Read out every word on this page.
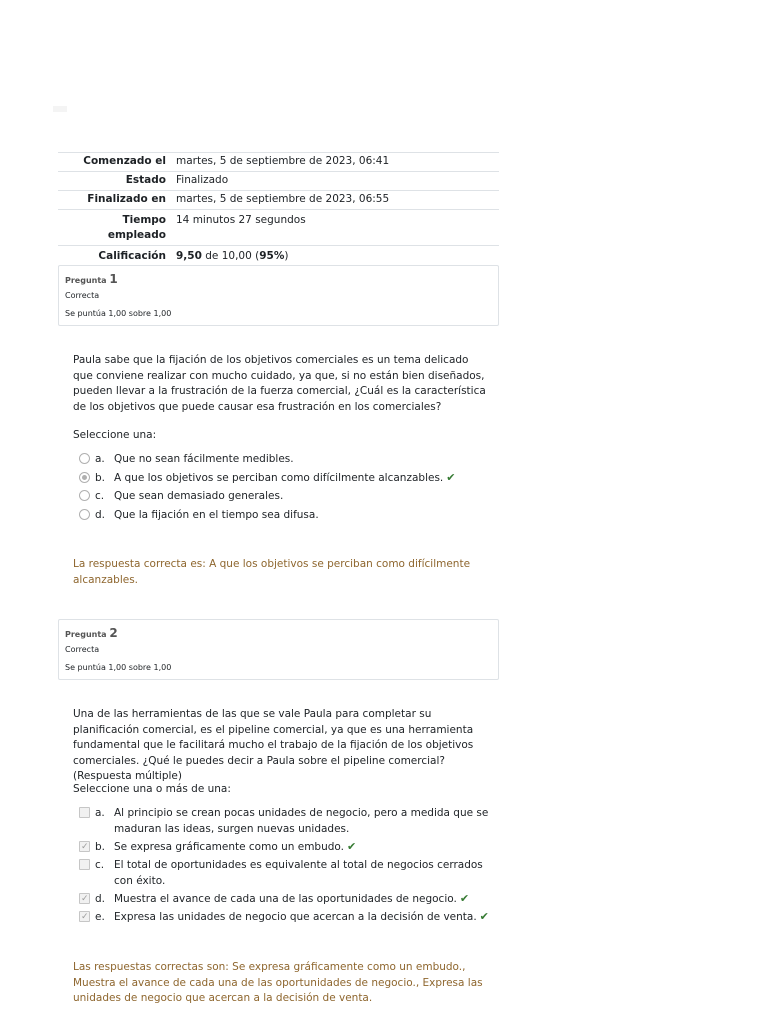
Comenzado el	martes, 5 de septiembre de 2023, 06:41
Estado	Finalizado
Finalizado en	martes, 5 de septiembre de 2023, 06:55
Tiempo empleado	14 minutos 27 segundos
Calificación	9,50 de 10,00 (95%)
Pregunta 1
Correcta
Se puntúa 1,00 sobre 1,00
Paula sabe que la fijación de los objetivos comerciales es un tema delicado que conviene realizar con mucho cuidado, ya que, si no están bien diseñados, pueden llevar a la frustración de la fuerza comercial, ¿Cuál es la característica de los objetivos que puede causar esa frustración en los comerciales?
Seleccione una:
a. Que no sean fácilmente medibles.
b. A que los objetivos se perciban como difícilmente alcanzables. ✔
c. Que sean demasiado generales.
d. Que la fijación en el tiempo sea difusa.
La respuesta correcta es: A que los objetivos se perciban como difícilmente alcanzables.
Pregunta 2
Correcta
Se puntúa 1,00 sobre 1,00
Una de las herramientas de las que se vale Paula para completar su planificación comercial, es el pipeline comercial, ya que es una herramienta fundamental que le facilitará mucho el trabajo de la fijación de los objetivos comerciales. ¿Qué le puedes decir a Paula sobre el pipeline comercial? (Respuesta múltiple)
Seleccione una o más de una:
a. Al principio se crean pocas unidades de negocio, pero a medida que se maduran las ideas, surgen nuevas unidades.
✓
b. Se expresa gráficamente como un embudo. ✔
c. El total de oportunidades es equivalente al total de negocios cerrados con éxito.
✓
d. Muestra el avance de cada una de las oportunidades de negocio. ✔
✓
e. Expresa las unidades de negocio que acercan a la decisión de venta. ✔
Las respuestas correctas son: Se expresa gráficamente como un embudo., Muestra el avance de cada una de las oportunidades de negocio., Expresa las unidades de negocio que acercan a la decisión de venta.
